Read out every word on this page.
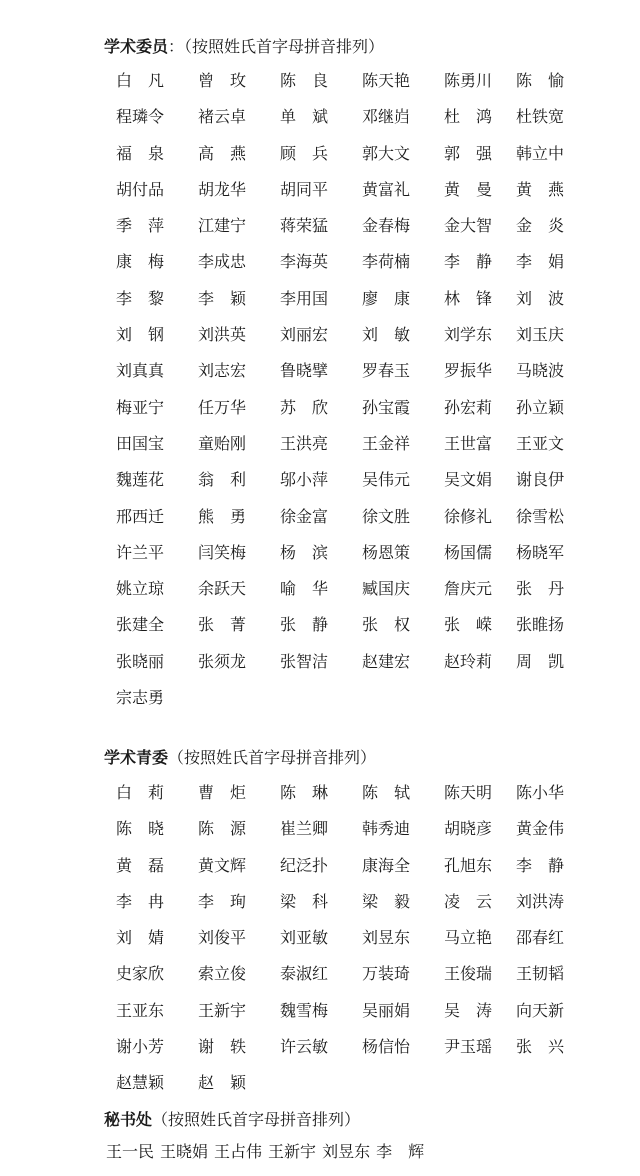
学术委员：（按照姓氏首字母拼音排列）
白　凡	曾　玫	陈　良	陈天艳	陈勇川	陈　愉
程璘令	褚云卓	单　斌	邓继岿	杜　鸿	杜铁宽
福　泉	高　燕	顾　兵	郭大文	郭　强	韩立中
胡付品	胡龙华	胡同平	黄富礼	黄　曼	黄　燕
季　萍	江建宁	蒋荣猛	金春梅	金大智	金　炎
康　梅	李成忠	李海英	李荷楠	李　静	李　娟
李　黎	李　颖	李用国	廖　康	林　锋	刘　波
刘　钢	刘洪英	刘丽宏	刘　敏	刘学东	刘玉庆
刘真真	刘志宏	鲁晓擘	罗春玉	罗振华	马晓波
梅亚宁	任万华	苏　欣	孙宝霞	孙宏莉	孙立颖
田国宝	童贻刚	王洪亮	王金祥	王世富	王亚文
魏莲花	翁　利	邬小萍	吴伟元	吴文娟	谢良伊
邢西迁	熊　勇	徐金富	徐文胜	徐修礼	徐雪松
许兰平	闫笑梅	杨　滨	杨恩策	杨国儒	杨晓军
姚立琼	余跃天	喻　华	臧国庆	詹庆元	张　丹
张建全	张　菁	张　静	张　权	张　嵘	张睢扬
张晓丽	张须龙	张智洁	赵建宏	赵玲莉	周　凯
宗志勇
学术青委（按照姓氏首字母拼音排列）
白　莉	曹　炬	陈　琳	陈　轼	陈天明	陈小华
陈　晓	陈　源	崔兰卿	韩秀迪	胡晓彦	黄金伟
黄　磊	黄文辉	纪泛扑	康海全	孔旭东	李　静
李　冉	李　珣	梁　科	梁　毅	凌　云	刘洪涛
刘　婧	刘俊平	刘亚敏	刘昱东	马立艳	邵春红
史家欣	索立俊	泰淑红	万装琦	王俊瑞	王韧韬
王亚东	王新宇	魏雪梅	吴丽娟	吴　涛	向天新
谢小芳	谢　轶	许云敏	杨信怡	尹玉瑶	张　兴
赵慧颖	赵　颖
秘书处（按照姓氏首字母拼音排列）
王一民 王晓娟 王占伟 王新宇 刘昱东 李　辉
